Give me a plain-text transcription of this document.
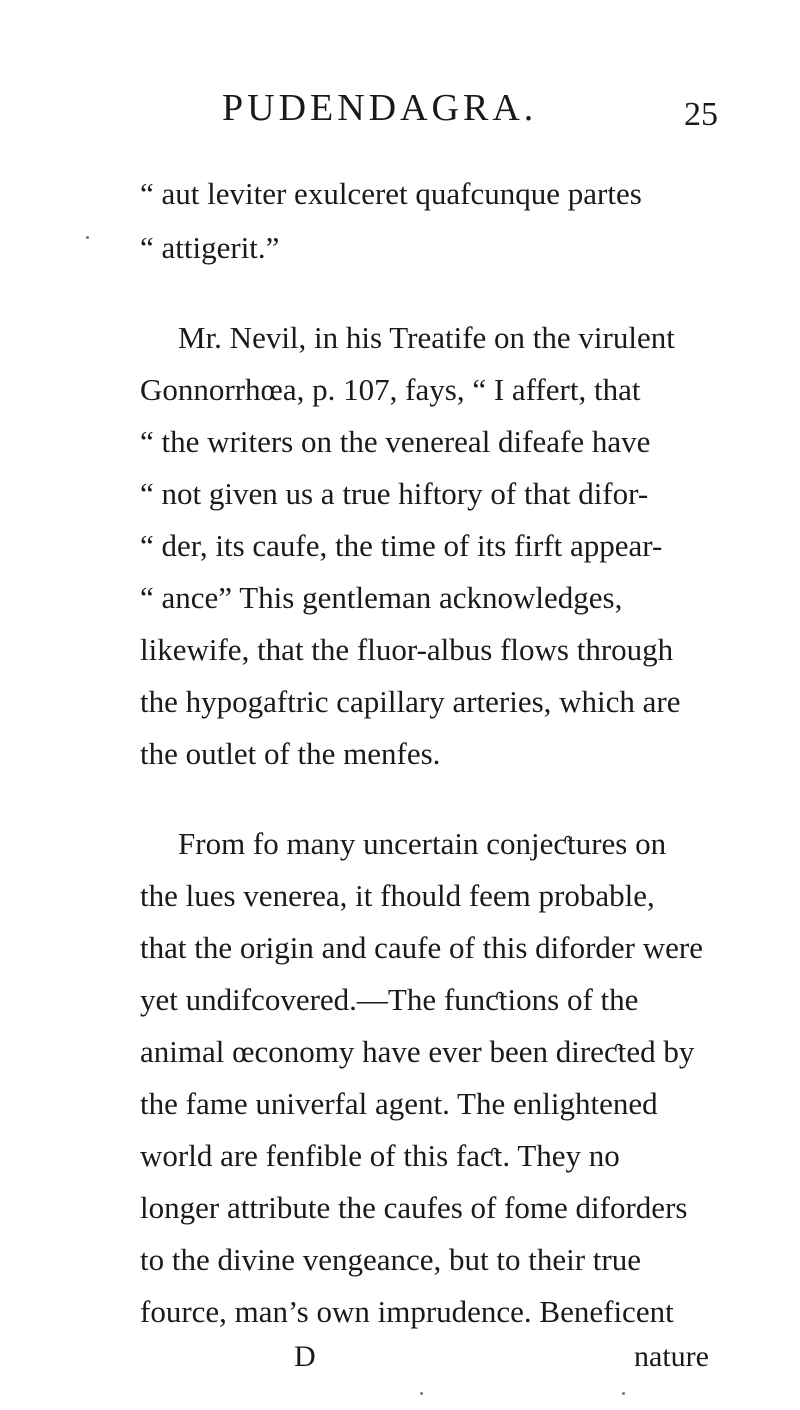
PUDENDAGRA.	25
“ aut leviter exulceret quafcunque partes
“ attigerit.”
Mr. Nevil, in his Treatife on the virulent
Gonnorrhœa, p. 107, fays, “ I affert, that
“ the writers on the venereal difeafe have
“ not given us a true hiftory of that difor-
“ der, its caufe, the time of its firft appear-
“ ance” This gentleman acknowledges,
likewife, that the fluor-albus flows through
the hypogaftric capillary arteries, which are
the outlet of the menfes.
From fo many uncertain conjeƈtures on
the lues venerea, it fhould feem probable,
that the origin and caufe of this diforder were
yet undifcovered.—The funƈtions of the
animal œconomy have ever been direƈted by
the fame univerfal agent. The enlightened
world are fenfible of this faƈt. They no
longer attribute the caufes of fome diforders
to the divine vengeance, but to their true
fource, man’s own imprudence. Beneficent
D	nature
